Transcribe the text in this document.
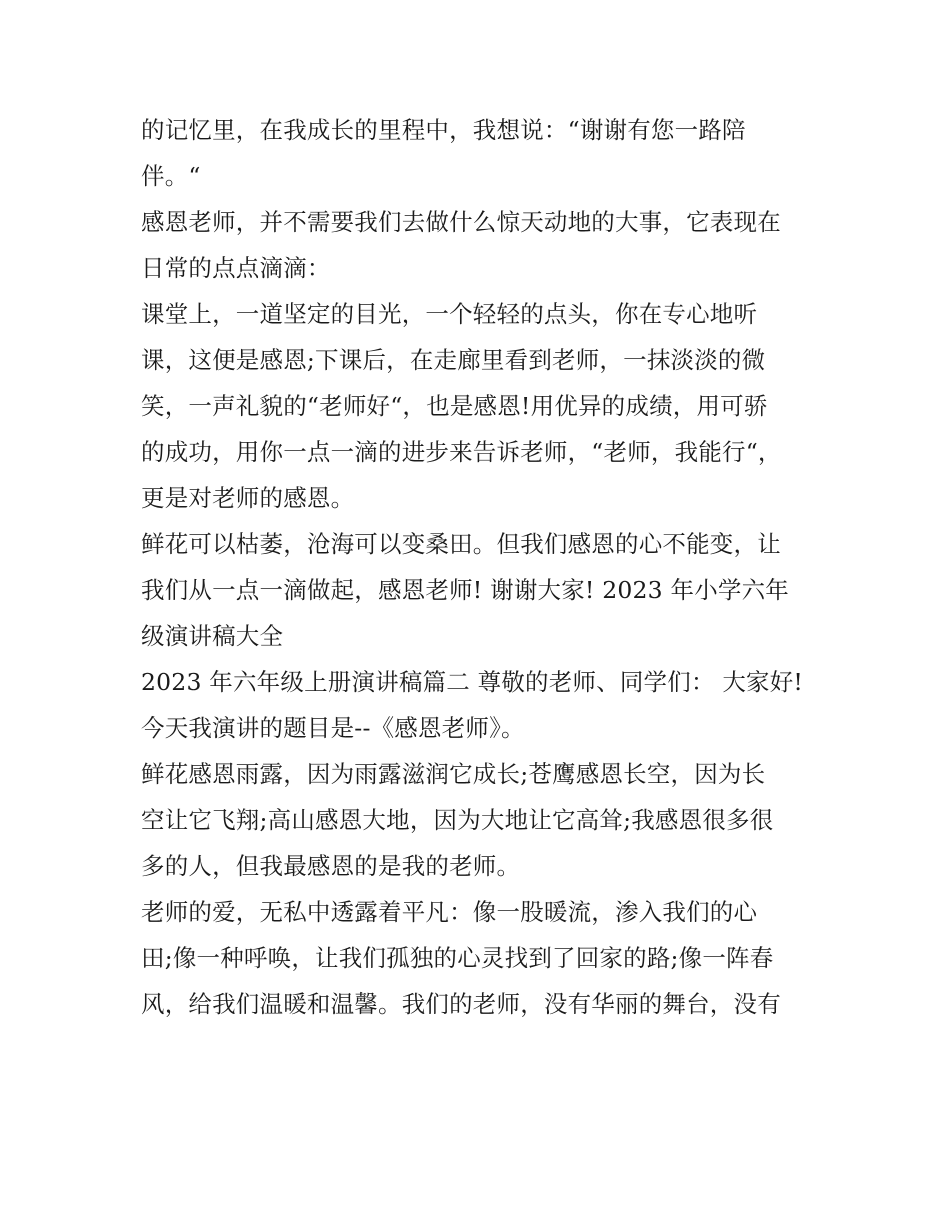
的记忆里，在我成长的里程中，我想说：“谢谢有您一路陪
伴。“
感恩老师，并不需要我们去做什么惊天动地的大事，它表现在
日常的点点滴滴：
课堂上，一道坚定的目光，一个轻轻的点头，你在专心地听
课，这便是感恩;下课后，在走廊里看到老师，一抹淡淡的微
笑，一声礼貌的“老师好“，也是感恩!用优异的成绩，用可骄
的成功，用你一点一滴的进步来告诉老师，“老师，我能行“，
更是对老师的感恩。
鲜花可以枯萎，沧海可以变桑田。但我们感恩的心不能变，让
我们从一点一滴做起，感恩老师! 谢谢大家! 2023 年小学六年
级演讲稿大全
2023 年六年级上册演讲稿篇二 尊敬的老师、同学们： 大家好!
今天我演讲的题目是--《感恩老师》。
鲜花感恩雨露，因为雨露滋润它成长;苍鹰感恩长空，因为长
空让它飞翔;高山感恩大地，因为大地让它高耸;我感恩很多很
多的人，但我最感恩的是我的老师。
老师的爱，无私中透露着平凡：像一股暖流，渗入我们的心
田;像一种呼唤，让我们孤独的心灵找到了回家的路;像一阵春
风，给我们温暖和温馨。我们的老师，没有华丽的舞台，没有
